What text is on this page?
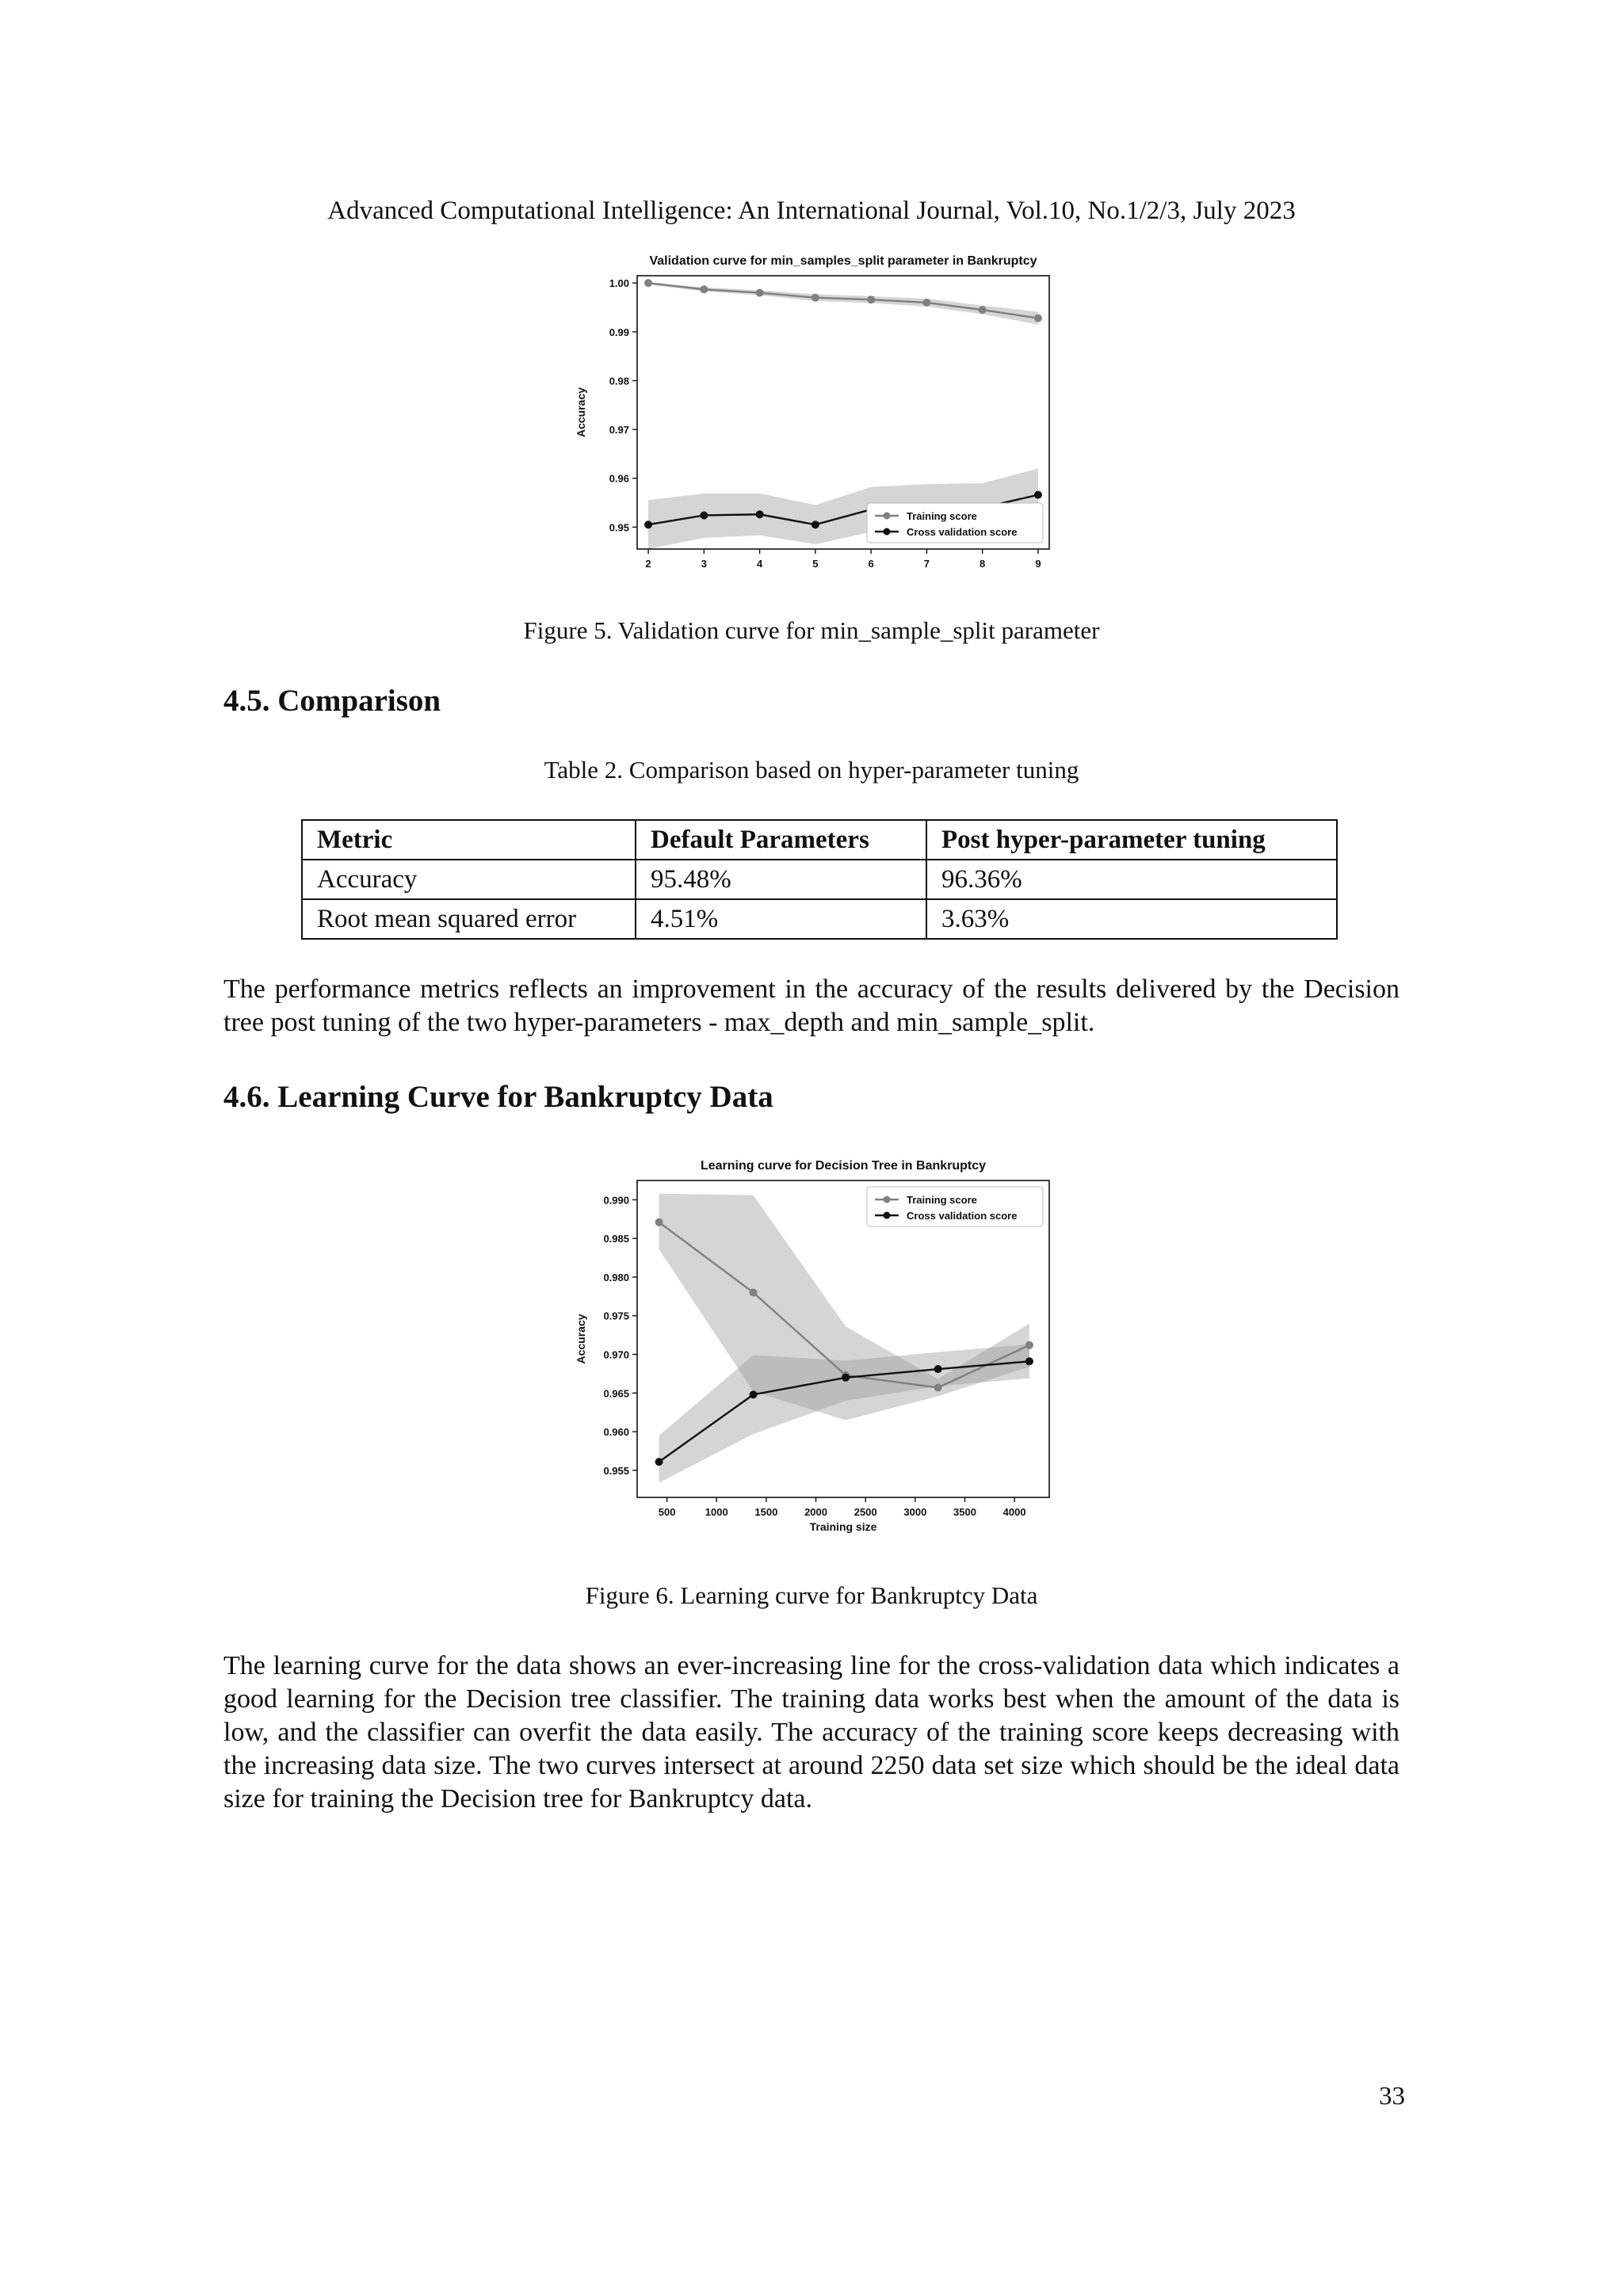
Advanced Computational Intelligence: An International Journal, Vol.10, No.1/2/3, July 2023
Validation curve for min_samples_split parameter in Bankruptcy
0.95
0.96
0.97
0.98
0.99
1.00
2	3	4	5	6	7	8	9
Accuracy
Training score
Cross validation score
Figure 5. Validation curve for min_sample_split parameter
4.5. Comparison
Table 2. Comparison based on hyper-parameter tuning
Metric	Default Parameters	Post hyper-parameter tuning
Accuracy	95.48%	96.36%
Root mean squared error	4.51%	3.63%
The performance metrics reflects an improvement in the accuracy of the results delivered by the Decision tree post tuning of the two hyper-parameters - max_depth and min_sample_split.
4.6. Learning Curve for Bankruptcy Data
Learning curve for Decision Tree in Bankruptcy
0.955
0.960
0.965
0.970
0.975
0.980
0.985
0.990
500	1000	1500	2000	2500	3000	3500	4000
Accuracy
Training size
Training score
Cross validation score
Figure 6. Learning curve for Bankruptcy Data
The learning curve for the data shows an ever-increasing line for the cross-validation data which indicates a good learning for the Decision tree classifier. The training data works best when the amount of the data is low, and the classifier can overfit the data easily. The accuracy of the training score keeps decreasing with the increasing data size. The two curves intersect at around 2250 data set size which should be the ideal data size for training the Decision tree for Bankruptcy data.
33
